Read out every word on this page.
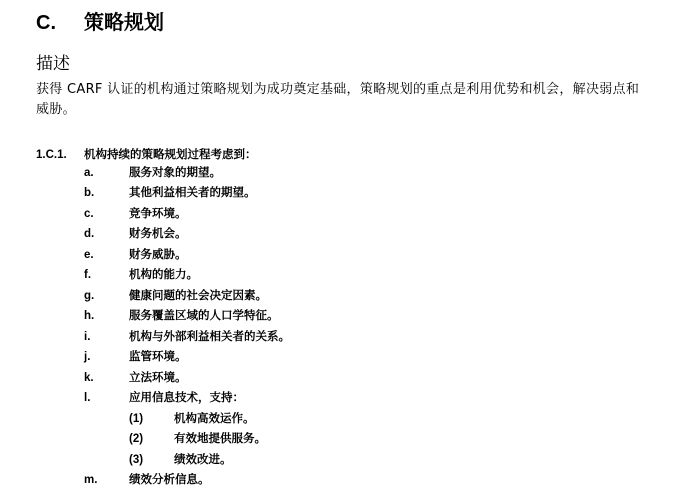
C. 策略规划
描述
获得 CARF 认证的机构通过策略规划为成功奠定基础，策略规划的重点是利用优势和机会，解决弱点和威胁。
1.C.1. 机构持续的策略规划过程考虑到：
a.	服务对象的期望。
b.	其他利益相关者的期望。
c.	竞争环境。
d.	财务机会。
e.	财务威胁。
f.	机构的能力。
g.	健康问题的社会决定因素。
h.	服务覆盖区域的人口学特征。
i.	机构与外部利益相关者的关系。
j.	监管环境。
k.	立法环境。
l.	应用信息技术，支持：
(1)	机构高效运作。
(2)	有效地提供服务。
(3)	绩效改进。
m.	绩效分析信息。
